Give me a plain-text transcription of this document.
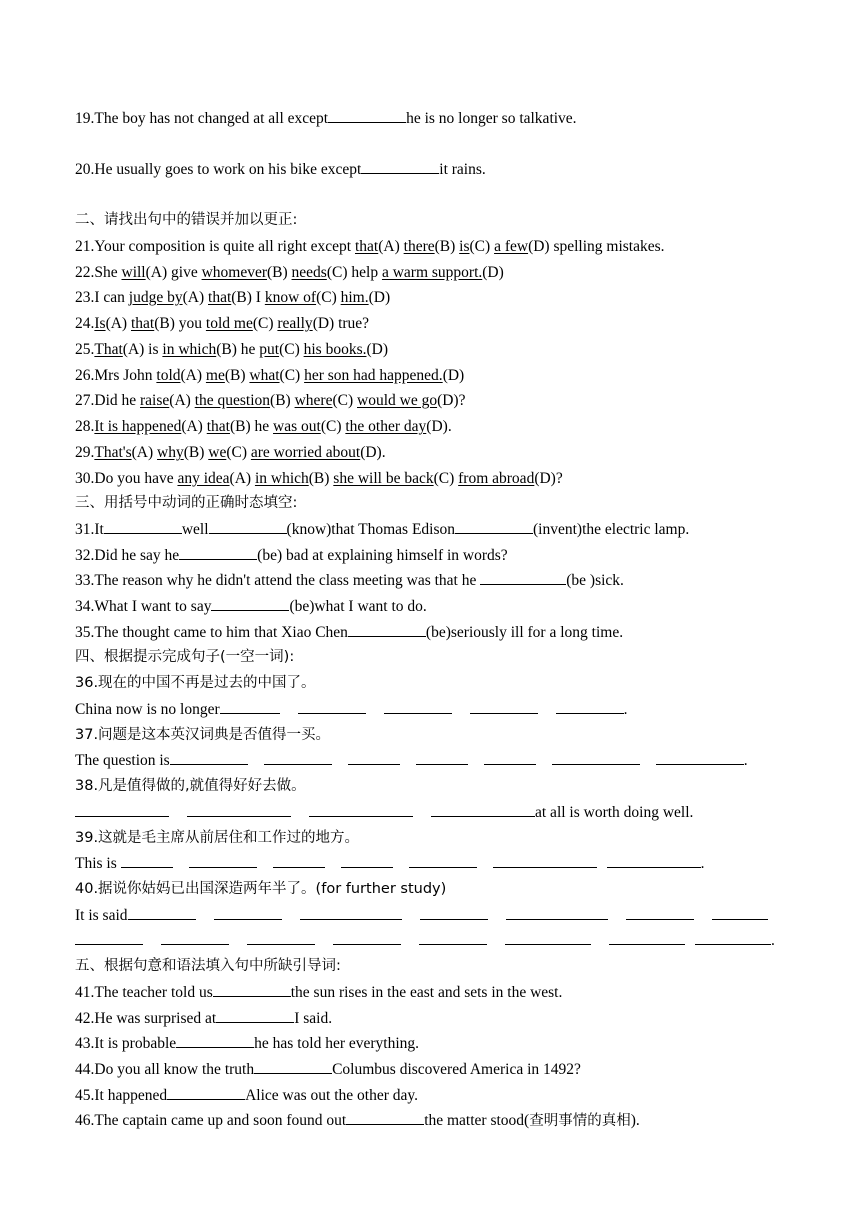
19.The boy has not changed at all except	he is no longer so talkative.

20.He usually goes to work on his bike except	it rains.

二、请找出句中的错误并加以更正:
21.Your composition is quite all right except that(A) there(B) is(C) a few(D) spelling mistakes.
22.She will(A) give whomever(B) needs(C) help a warm support.(D)
23.I can judge by(A) that(B) I know of(C) him.(D)
24.Is(A) that(B) you told me(C) really(D) true?
25.That(A) is in which(B) he put(C) his books.(D)
26.Mrs John told(A) me(B) what(C) her son had happened.(D)
27.Did he raise(A) the question(B) where(C) would we go(D)?
28.It is happened(A) that(B) he was out(C) the other day(D).
29.That's(A) why(B) we(C) are worried about(D).
30.Do you have any idea(A) in which(B) she will be back(C) from abroad(D)?
三、用括号中动词的正确时态填空:
31.It	well	(know)that Thomas Edison	(invent)the electric lamp.
32.Did he say he	(be) bad at explaining himself in words?
33.The reason why he didn't attend the class meeting was that he	(be )sick.
34.What I want to say	(be)what I want to do.
35.The thought came to him that Xiao Chen	(be)seriously ill for a long time.
四、根据提示完成句子(一空一词):
36.现在的中国不再是过去的中国了。
China now is no longer	.
37.问题是这本英汉词典是否值得一买。
The question is	.
38.凡是值得做的,就值得好好去做。
at all is worth doing well.
39.这就是毛主席从前居住和工作过的地方。
This is	.
40.据说你姑妈已出国深造两年半了。(for further study)
It is said
.
五、根据句意和语法填入句中所缺引导词:
41.The teacher told us	the sun rises in the east and sets in the west.
42.He was surprised at	I said.
43.It is probable	he has told her everything.
44.Do you all know the truth	Columbus discovered America in 1492?
45.It happened	Alice was out the other day.
46.The captain came up and soon found out	the matter stood(查明事情的真相).
